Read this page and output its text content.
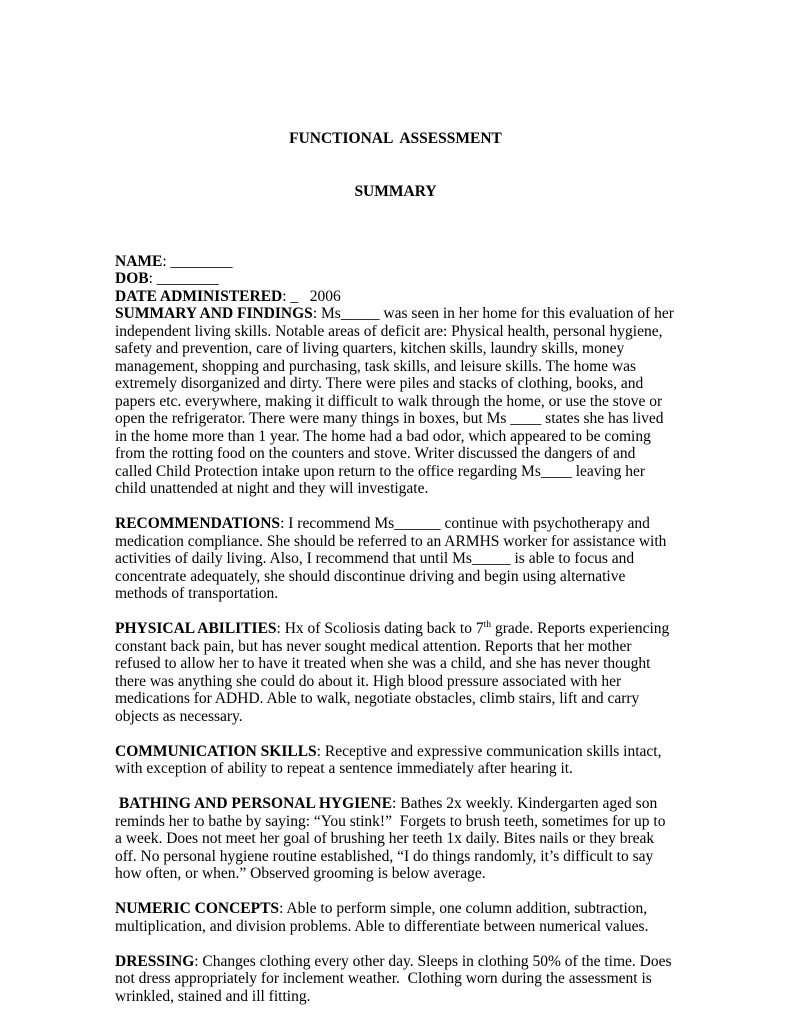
FUNCTIONAL  ASSESSMENT

SUMMARY

NAME: ________
DOB: ________
DATE ADMINISTERED: _   2006

SUMMARY AND FINDINGS: Ms_____ was seen in her home for this evaluation of her independent living skills. Notable areas of deficit are: Physical health, personal hygiene, safety and prevention, care of living quarters, kitchen skills, laundry skills, money management, shopping and purchasing, task skills, and leisure skills. The home was extremely disorganized and dirty. There were piles and stacks of clothing, books, and papers etc. everywhere, making it difficult to walk through the home, or use the stove or open the refrigerator. There were many things in boxes, but Ms ____ states she has lived in the home more than 1 year. The home had a bad odor, which appeared to be coming from the rotting food on the counters and stove. Writer discussed the dangers of and called Child Protection intake upon return to the office regarding Ms____ leaving her child unattended at night and they will investigate.

RECOMMENDATIONS: I recommend Ms______ continue with psychotherapy and medication compliance. She should be referred to an ARMHS worker for assistance with activities of daily living. Also, I recommend that until Ms_____ is able to focus and concentrate adequately, she should discontinue driving and begin using alternative methods of transportation.

PHYSICAL ABILITIES: Hx of Scoliosis dating back to 7th grade. Reports experiencing constant back pain, but has never sought medical attention. Reports that her mother refused to allow her to have it treated when she was a child, and she has never thought there was anything she could do about it. High blood pressure associated with her medications for ADHD. Able to walk, negotiate obstacles, climb stairs, lift and carry objects as necessary.

COMMUNICATION SKILLS: Receptive and expressive communication skills intact, with exception of ability to repeat a sentence immediately after hearing it.

BATHING AND PERSONAL HYGIENE: Bathes 2x weekly. Kindergarten aged son reminds her to bathe by saying: “You stink!”  Forgets to brush teeth, sometimes for up to a week. Does not meet her goal of brushing her teeth 1x daily. Bites nails or they break off. No personal hygiene routine established, “I do things randomly, it’s difficult to say how often, or when.” Observed grooming is below average.

NUMERIC CONCEPTS: Able to perform simple, one column addition, subtraction, multiplication, and division problems. Able to differentiate between numerical values.

DRESSING: Changes clothing every other day. Sleeps in clothing 50% of the time. Does not dress appropriately for inclement weather.  Clothing worn during the assessment is wrinkled, stained and ill fitting.
